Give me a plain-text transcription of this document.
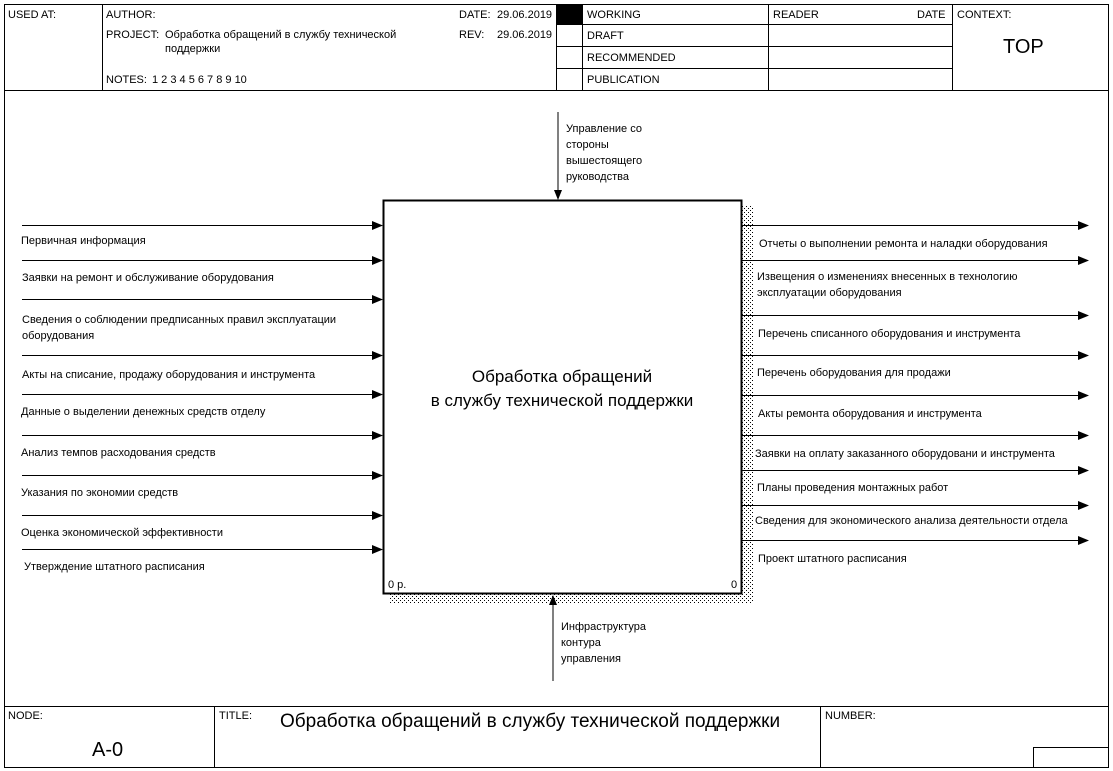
USED AT:	AUTHOR:
PROJECT: Обработка обращений в службу технической поддержки
NOTES: 1 2 3 4 5 6 7 8 9 10
DATE: 29.06.2019
REV: 29.06.2019
WORKING
DRAFT
RECOMMENDED
PUBLICATION
READER	DATE CONTEXT:
TOP
Обработка обращений
в службу технической поддержки
0 р.	0
Управление со стороны вышестоящего руководства
Инфраструктура контура управления
Первичная информация
Заявки на ремонт и обслуживание оборудования
Сведения о соблюдении предписанных правил эксплуатации оборудования
Акты на списание, продажу оборудования и инструмента
Данные о выделении денежных средств отделу
Анализ темпов расходования средств
Указания по экономии средств
Оценка экономической эффективности
Утверждение штатного расписания
Отчеты о выполнении ремонта и наладки оборудования
Извещения о изменениях внесенных в технологию эксплуатации оборудования
Перечень списанного оборудования и инструмента
Перечень оборудования для продажи
Акты ремонта оборудования и инструмента
Заявки на оплату заказанного оборудовани и инструмента
Планы проведения монтажных работ
Сведения для экономического анализа деятельности отдела
Проект штатного расписания
NODE:
А-0
TITLE: Обработка обращений в службу технической поддержки	NUMBER:
